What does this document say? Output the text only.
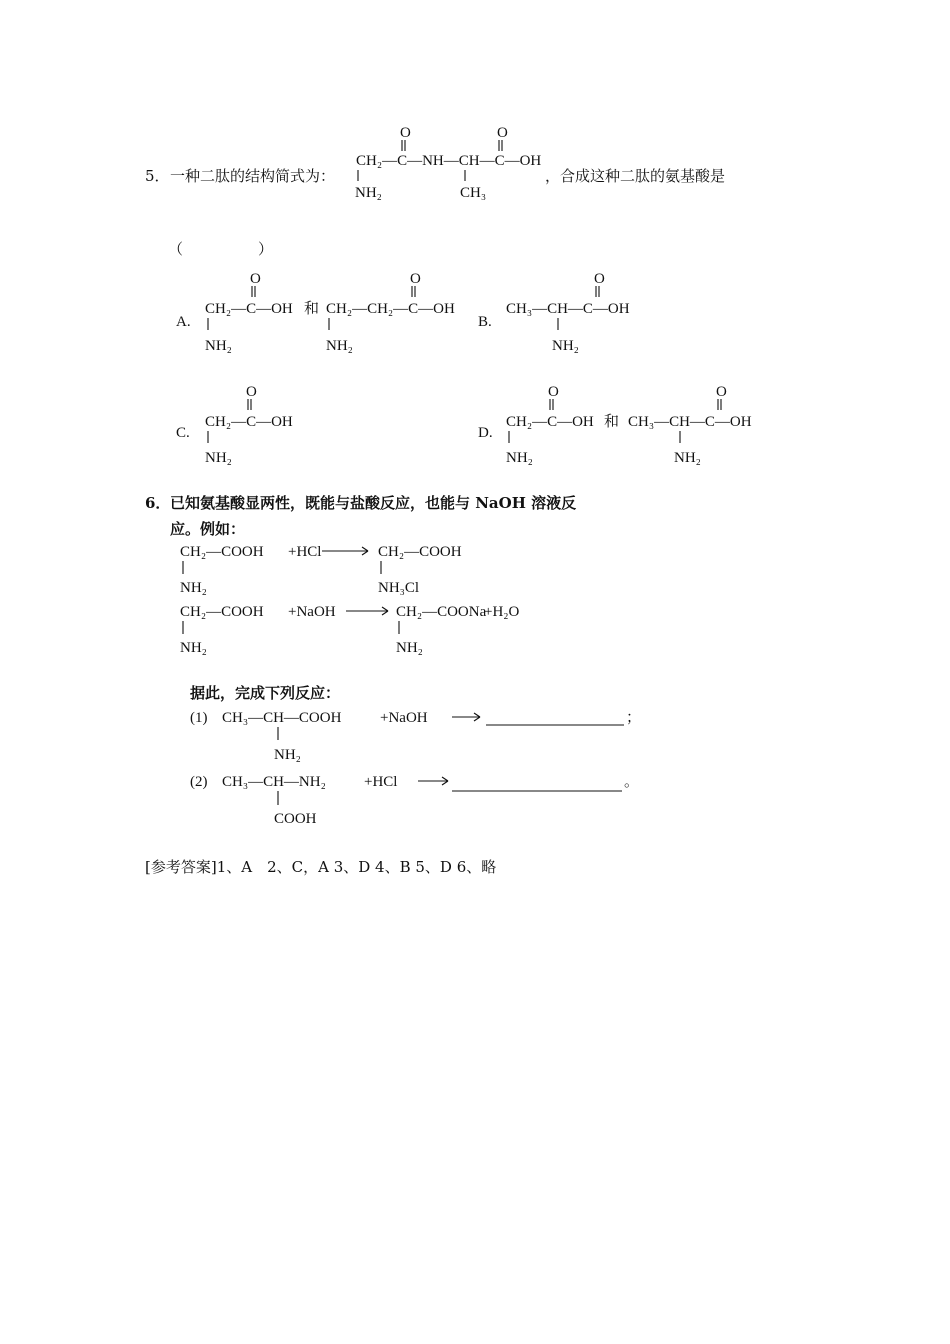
5． 一种二肽的结构简式为：	，合成这种二肽的氨基酸是
（　　　　　）
O	O
CH₂—C—NH—CH—C—OH
NH₂	CH₃
A.
O
CH₂—C—OH
NH₂
和
O
CH₂—CH₂—C—OH
NH₂
B.
O
CH₃—CH—C—OH
NH₂
C.
O
CH₂—C—OH
NH₂
D.
O
CH₂—C—OH
NH₂
和
O
CH₃—CH—C—OH
NH₂
CH₂—COOH
NH₂
+HCl	CH₂—COOH
NH₃Cl
CH₂—COOH
NH₂
+NaOH	CH₂—COONa
NH₂
+H₂O
(1) CH₃—CH—COOH
NH₂
+NaOH	；
(2) CH₃—CH—NH₂
COOH
+HCl	。
6． 已知氨基酸显两性，既能与盐酸反应，也能与 NaOH 溶液反
应。例如：
据此，完成下列反应：
[参考答案]1、A　2、C，A 3、D 4、B 5、D 6、略
